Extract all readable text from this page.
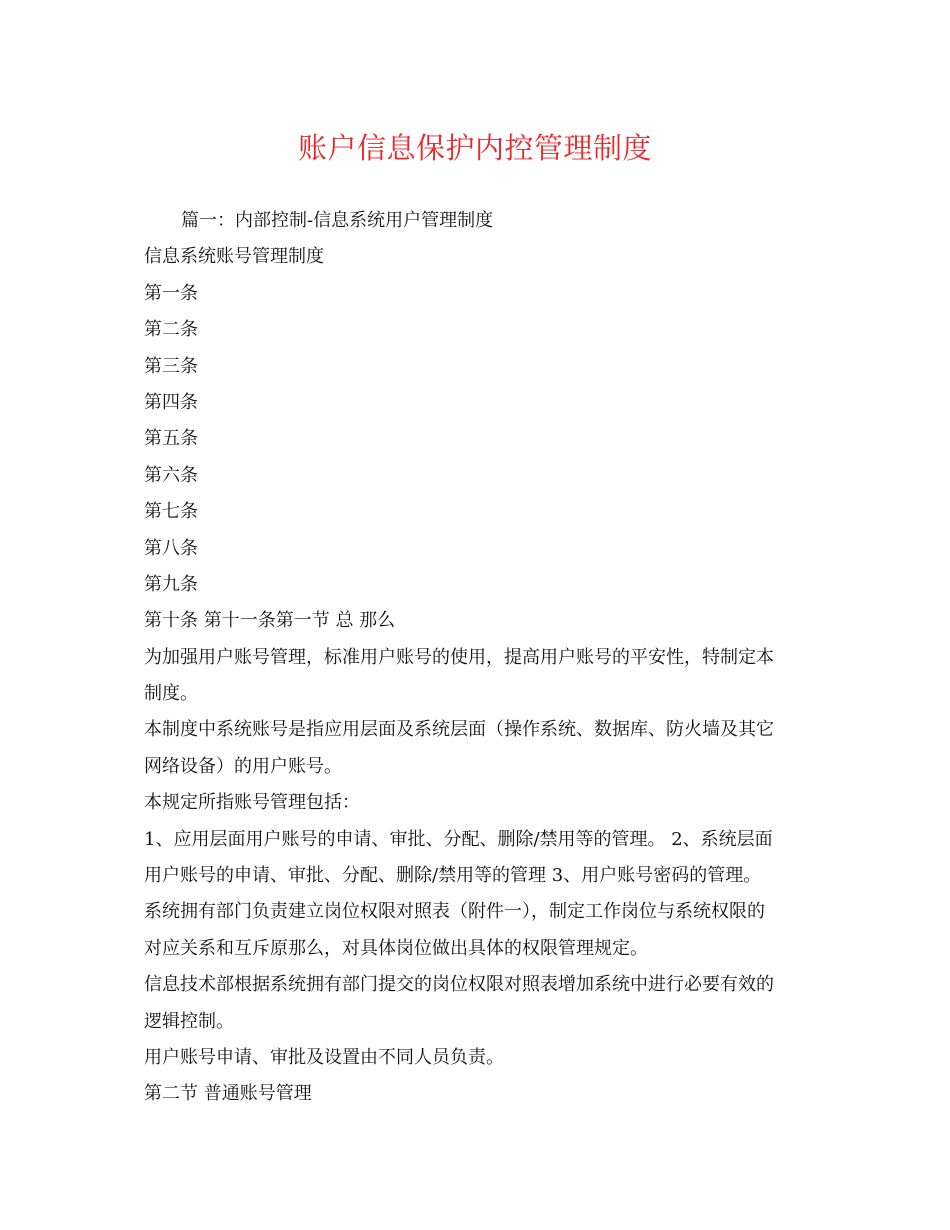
账户信息保护内控管理制度
篇一：内部控制-信息系统用户管理制度
信息系统账号管理制度
第一条
第二条
第三条
第四条
第五条
第六条
第七条
第八条
第九条
第十条 第十一条第一节 总 那么
为加强用户账号管理，标准用户账号的使用，提高用户账号的平安性，特制定本
制度。
本制度中系统账号是指应用层面及系统层面（操作系统、数据库、防火墙及其它
网络设备）的用户账号。
本规定所指账号管理包括：
1、应用层面用户账号的申请、审批、分配、删除/禁用等的管理。 2、系统层面
用户账号的申请、审批、分配、删除/禁用等的管理 3、用户账号密码的管理。
系统拥有部门负责建立岗位权限对照表（附件一），制定工作岗位与系统权限的
对应关系和互斥原那么，对具体岗位做出具体的权限管理规定。
信息技术部根据系统拥有部门提交的岗位权限对照表增加系统中进行必要有效的
逻辑控制。
用户账号申请、审批及设置由不同人员负责。
第二节 普通账号管理
